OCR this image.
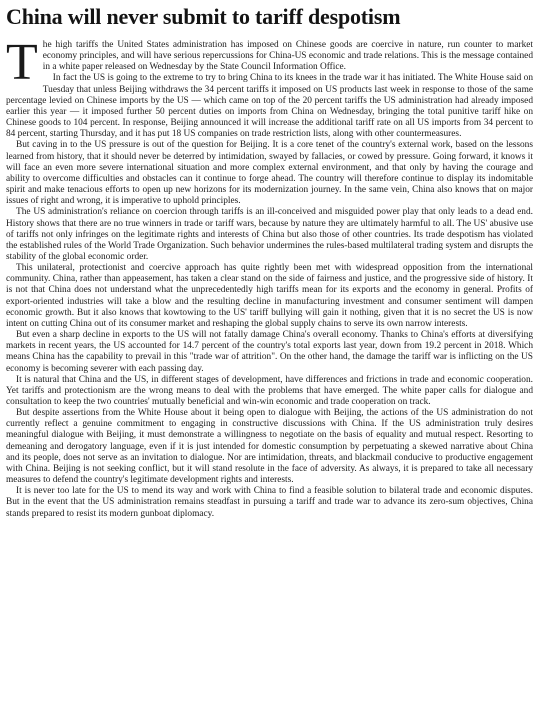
China will never submit to tariff despotism

The high tariffs the United States administration has imposed on Chinese goods are coercive in nature, run counter to market economy principles, and will have serious repercussions for China-US economic and trade relations. This is the message contained in a white paper released on Wednesday by the State Council Information Office.

In fact the US is going to the extreme to try to bring China to its knees in the trade war it has initiated. The White House said on Tuesday that unless Beijing withdraws the 34 percent tariffs it imposed on US products last week in response to those of the same percentage levied on Chinese imports by the US — which came on top of the 20 percent tariffs the US administration had already imposed earlier this year — it imposed further 50 percent duties on imports from China on Wednesday, bringing the total punitive tariff hike on Chinese goods to 104 percent. In response, Beijing announced it will increase the additional tariff rate on all US imports from 34 percent to 84 percent, starting Thursday, and it has put 18 US companies on trade restriction lists, along with other countermeasures.

But caving in to the US pressure is out of the question for Beijing. It is a core tenet of the country's external work, based on the lessons learned from history, that it should never be deterred by intimidation, swayed by fallacies, or cowed by pressure. Going forward, it knows it will face an even more severe international situation and more complex external environment, and that only by having the courage and ability to overcome difficulties and obstacles can it continue to forge ahead. The country will therefore continue to display its indomitable spirit and make tenacious efforts to open up new horizons for its modernization journey. In the same vein, China also knows that on major issues of right and wrong, it is imperative to uphold principles.

The US administration's reliance on coercion through tariffs is an ill-conceived and misguided power play that only leads to a dead end. History shows that there are no true winners in trade or tariff wars, because by nature they are ultimately harmful to all. The US' abusive use of tariffs not only infringes on the legitimate rights and interests of China but also those of other countries. Its trade despotism has violated the established rules of the World Trade Organization. Such behavior undermines the rules-based multilateral trading system and disrupts the stability of the global economic order.

This unilateral, protectionist and coercive approach has quite rightly been met with widespread opposition from the international community. China, rather than appeasement, has taken a clear stand on the side of fairness and justice, and the progressive side of history. It is not that China does not understand what the unprecedentedly high tariffs mean for its exports and the economy in general. Profits of export-oriented industries will take a blow and the resulting decline in manufacturing investment and consumer sentiment will dampen economic growth. But it also knows that kowtowing to the US' tariff bullying will gain it nothing, given that it is no secret the US is now intent on cutting China out of its consumer market and reshaping the global supply chains to serve its own narrow interests.

But even a sharp decline in exports to the US will not fatally damage China's overall economy. Thanks to China's efforts at diversifying markets in recent years, the US accounted for 14.7 percent of the country's total exports last year, down from 19.2 percent in 2018. Which means China has the capability to prevail in this "trade war of attrition". On the other hand, the damage the tariff war is inflicting on the US economy is becoming severer with each passing day.

It is natural that China and the US, in different stages of development, have differences and frictions in trade and economic cooperation. Yet tariffs and protectionism are the wrong means to deal with the problems that have emerged. The white paper calls for dialogue and consultation to keep the two countries' mutually beneficial and win-win economic and trade cooperation on track.

But despite assertions from the White House about it being open to dialogue with Beijing, the actions of the US administration do not currently reflect a genuine commitment to engaging in constructive discussions with China. If the US administration truly desires meaningful dialogue with Beijing, it must demonstrate a willingness to negotiate on the basis of equality and mutual respect. Resorting to demeaning and derogatory language, even if it is just intended for domestic consumption by perpetuating a skewed narrative about China and its people, does not serve as an invitation to dialogue. Nor are intimidation, threats, and blackmail conducive to productive engagement with China. Beijing is not seeking conflict, but it will stand resolute in the face of adversity. As always, it is prepared to take all necessary measures to defend the country's legitimate development rights and interests.

It is never too late for the US to mend its way and work with China to find a feasible solution to bilateral trade and economic disputes. But in the event that the US administration remains steadfast in pursuing a tariff and trade war to advance its zero-sum objectives, China stands prepared to resist its modern gunboat diplomacy.
